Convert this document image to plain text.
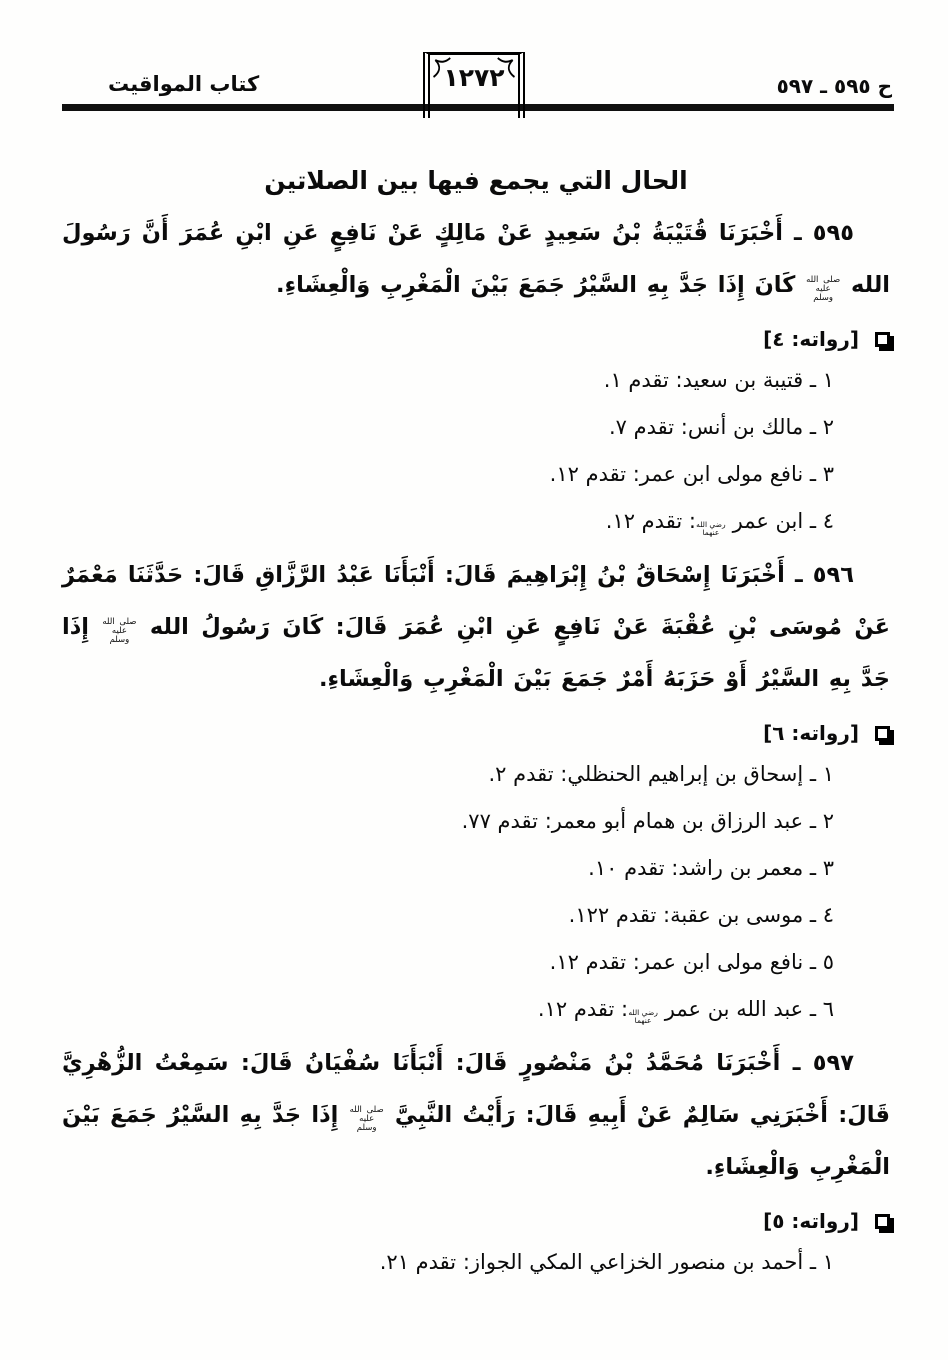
كتاب المواقيت	ح ٥٩٥ ـ ٥٩٧
١٢٧٢
الحال التي يجمع فيها بين الصلاتين

٥٩٥ ـ أَخْبَرَنَا قُتَيْبَةُ بْنُ سَعِيدٍ عَنْ مَالِكٍ عَنْ نَافِعٍ عَنِ ابْنِ عُمَرَ أَنَّ رَسُولَ الله صلى الله عليه وسلم كَانَ إِذَا جَدَّ بِهِ السَّيْرُ جَمَعَ بَيْنَ الْمَغْرِبِ وَالْعِشَاءِ.

[رواته: ٤]
١ ـ قتيبة بن سعيد: تقدم ١.
٢ ـ مالك بن أنس: تقدم ٧.
٣ ـ نافع مولى ابن عمر: تقدم ١٢.
٤ ـ ابن عمر رضي الله عنهما: تقدم ١٢.

٥٩٦ ـ أَخْبَرَنَا إِسْحَاقُ بْنُ إِبْرَاهِيمَ قَالَ: أَنْبَأَنَا عَبْدُ الرَّزَّاقِ قَالَ: حَدَّثَنَا مَعْمَرٌ عَنْ مُوسَى بْنِ عُقْبَةَ عَنْ نَافِعٍ عَنِ ابْنِ عُمَرَ قَالَ: كَانَ رَسُولُ الله صلى الله عليه وسلم إِذَا جَدَّ بِهِ السَّيْرُ أَوْ حَزَبَهُ أَمْرٌ جَمَعَ بَيْنَ الْمَغْرِبِ وَالْعِشَاءِ.

[رواته: ٦]
١ ـ إسحاق بن إبراهيم الحنظلي: تقدم ٢.
٢ ـ عبد الرزاق بن همام أبو معمر: تقدم ٧٧.
٣ ـ معمر بن راشد: تقدم ١٠.
٤ ـ موسى بن عقبة: تقدم ١٢٢.
٥ ـ نافع مولى ابن عمر: تقدم ١٢.
٦ ـ عبد الله بن عمر رضي الله عنهما: تقدم ١٢.

٥٩٧ ـ أَخْبَرَنَا مُحَمَّدُ بْنُ مَنْصُورٍ قَالَ: أَنْبَأَنَا سُفْيَانُ قَالَ: سَمِعْتُ الزُّهْرِيَّ قَالَ: أَخْبَرَنِي سَالِمٌ عَنْ أَبِيهِ قَالَ: رَأَيْتُ النَّبِيَّ صلى الله عليه وسلم إِذَا جَدَّ بِهِ السَّيْرُ جَمَعَ بَيْنَ الْمَغْرِبِ وَالْعِشَاءِ.

[رواته: ٥]
١ ـ أحمد بن منصور الخزاعي المكي الجواز: تقدم ٢١.
